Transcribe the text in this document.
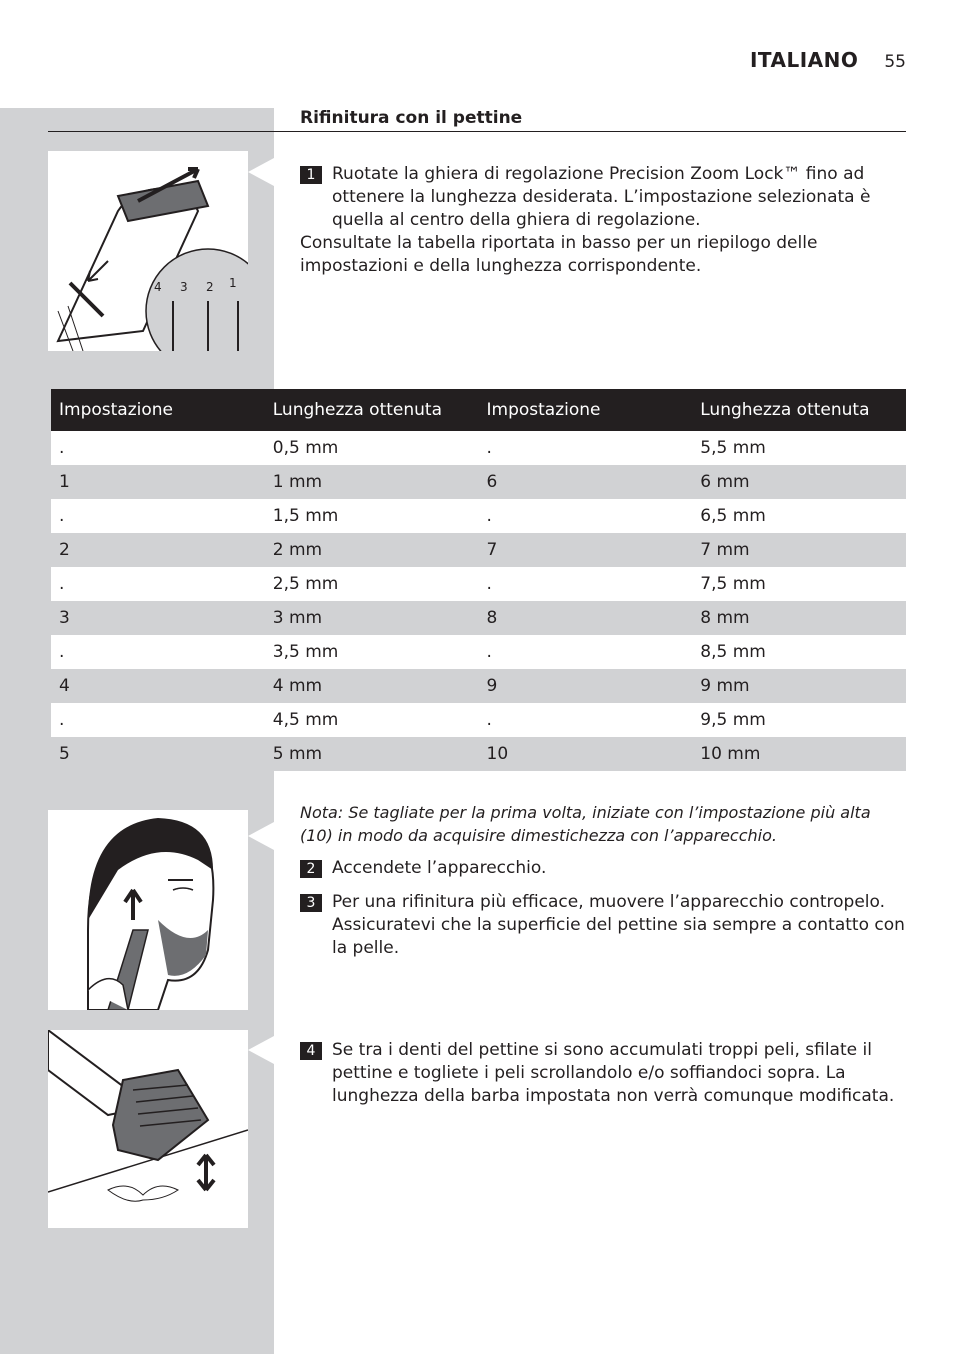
ITALIANO 55
Rifinitura con il pettine
4 3 2 1
1 Ruotate la ghiera di regolazione Precision Zoom Lock™ fino ad ottenere la lunghezza desiderata. L’impostazione selezionata è quella al centro della ghiera di regolazione.
Consultate la tabella riportata in basso per un riepilogo delle impostazioni e della lunghezza corrispondente.
Impostazione	Lunghezza ottenuta	Impostazione	Lunghezza ottenuta
.	0,5 mm	.	5,5 mm
1	1 mm	6	6 mm
.	1,5 mm	.	6,5 mm
2	2 mm	7	7 mm
.	2,5 mm	.	7,5 mm
3	3 mm	8	8 mm
.	3,5 mm	.	8,5 mm
4	4 mm	9	9 mm
.	4,5 mm	.	9,5 mm
5	5 mm	10	10 mm
Nota: Se tagliate per la prima volta, iniziate con l’impostazione più alta (10) in modo da acquisire dimestichezza con l’apparecchio.
2 Accendete l’apparecchio.
3 Per una rifinitura più efficace, muovere l’apparecchio contropelo. Assicuratevi che la superficie del pettine sia sempre a contatto con la pelle.
4 Se tra i denti del pettine si sono accumulati troppi peli, sfilate il pettine e togliete i peli scrollandolo e/o soffiandoci sopra. La lunghezza della barba impostata non verrà comunque modificata.
